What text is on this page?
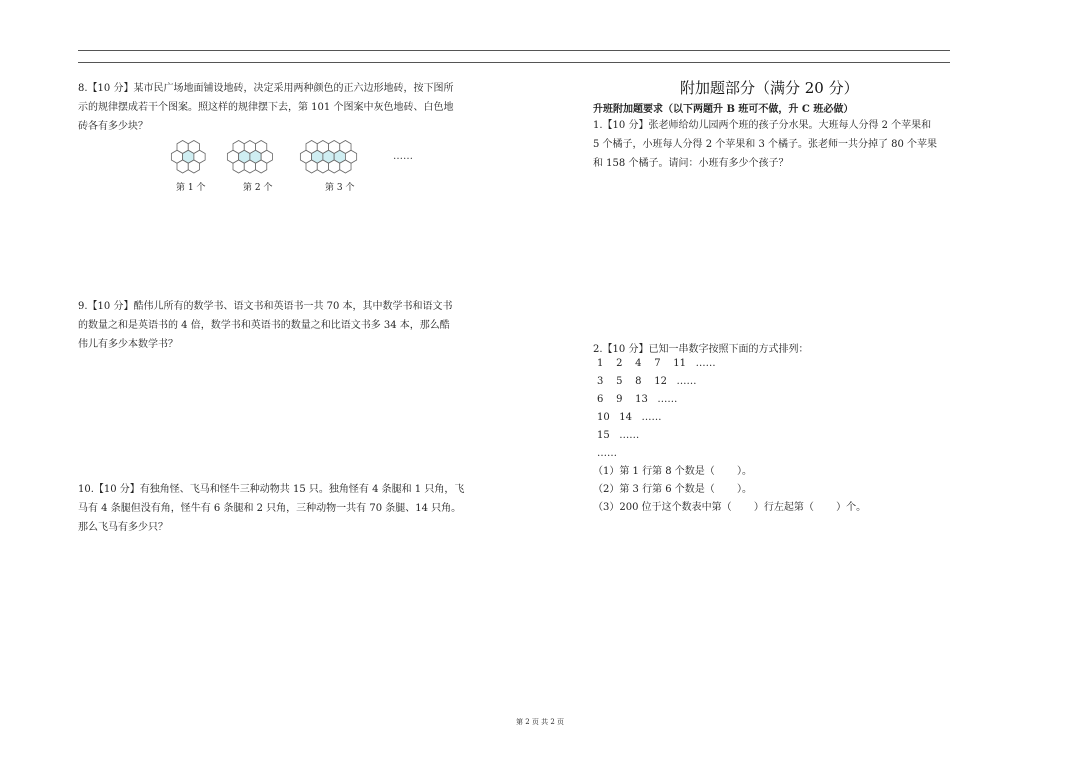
8.【10 分】某市民广场地面铺设地砖，决定采用两种颜色的正六边形地砖，按下图所
示的规律摆成若干个图案。照这样的规律摆下去，第 101 个图案中灰色地砖、白色地
砖各有多少块？
……
第 1 个	第 2 个	第 3 个
9.【10 分】酷伟儿所有的数学书、语文书和英语书一共 70 本，其中数学书和语文书
的数量之和是英语书的 4 倍，数学书和英语书的数量之和比语文书多 34 本，那么酷
伟儿有多少本数学书？
10.【10 分】有独角怪、飞马和怪牛三种动物共 15 只。独角怪有 4 条腿和 1 只角，飞
马有 4 条腿但没有角，怪牛有 6 条腿和 2 只角，三种动物一共有 70 条腿、14 只角。
那么飞马有多少只？
附加题部分（满分 20 分）
升班附加题要求（以下两题升 B 班可不做，升 C 班必做）
1.【10 分】张老师给幼儿园两个班的孩子分水果。大班每人分得 2 个苹果和
5 个橘子，小班每人分得 2 个苹果和 3 个橘子。张老师一共分掉了 80 个苹果
和 158 个橘子。请问：小班有多少个孩子？
2.【10 分】已知一串数字按照下面的方式排列：
1    2    4    7    11   ……
3    5    8    12   ……
6    9    13   ……
10   14   ……
15   ……
……
（1）第 1 行第 8 个数是（       ）。
（2）第 3 行第 6 个数是（       ）。
（3）200 位于这个数表中第（       ）行左起第（       ）个。
第 2 页 共 2 页
